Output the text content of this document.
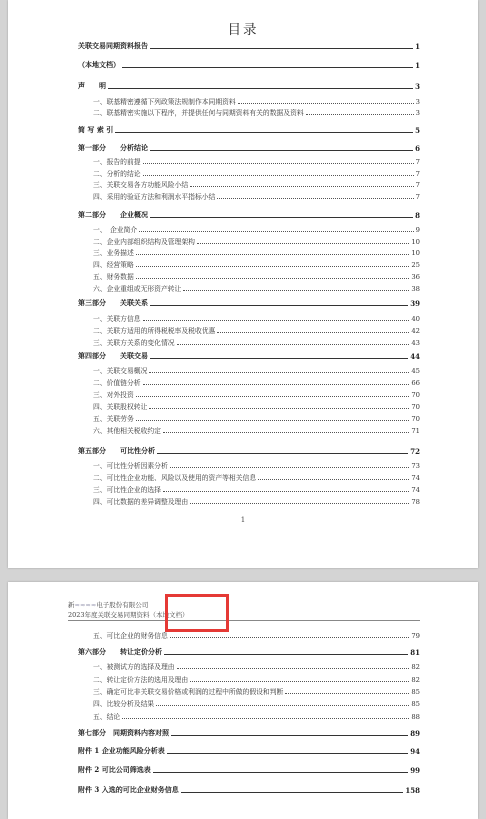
目录
关联交易同期资料报告	1
（本地文档）	1
声　　明	3
一、联基精密遵循下列政策法规制作本同期资料	3
二、联基精密实施以下程序，并提供任何与同期资料有关的数据及资料	3
简 写 索 引	5
第一部分　　分析结论	6
一、报告的前提	7
二、分析的结论	7
三、关联交易各方功能风险小结	7
四、采用的验证方法和利润水平指标小结	7
第二部分　　企业概况	8
一、　企业简介	9
二、企业内部组织结构及管理架构	10
三、业务描述	10
四、经营策略	25
五、财务数据	36
六、企业重组或无形资产转让	38
第三部分　　关联关系	39
一、关联方信息	40
二、关联方适用的所得税税率及税收优惠	42
三、关联方关系的变化情况	43
第四部分　　关联交易	44
一、关联交易概况	45
二、价值链分析	66
三、对外投资	70
四、关联股权转让	70
五、关联劳务	70
六、其他相关税收约定	71
第五部分　　可比性分析	72
一、可比性分析因素分析	73
二、可比性企业功能、风险以及使用的资产等相关信息	74
三、可比性企业的选择	74
四、可比数据的差异调整及理由	78
1
新≈≈≈≈电子股份有限公司
2023年度关联交易同期资料（本地文档）
五、可比企业的财务信息	79
第六部分　　转让定价分析	81
一、被测试方的选择及理由	82
二、转让定价方法的选用及理由	82
三、确定可比非关联交易价格或利润的过程中所做的假设和判断	85
四、比较分析及结果	85
五、结论	88
第七部分　同期资料内容对照	89
附件 1 企业功能风险分析表	94
附件 2 可比公司筛选表	99
附件 3 入选的可比企业财务信息	158
